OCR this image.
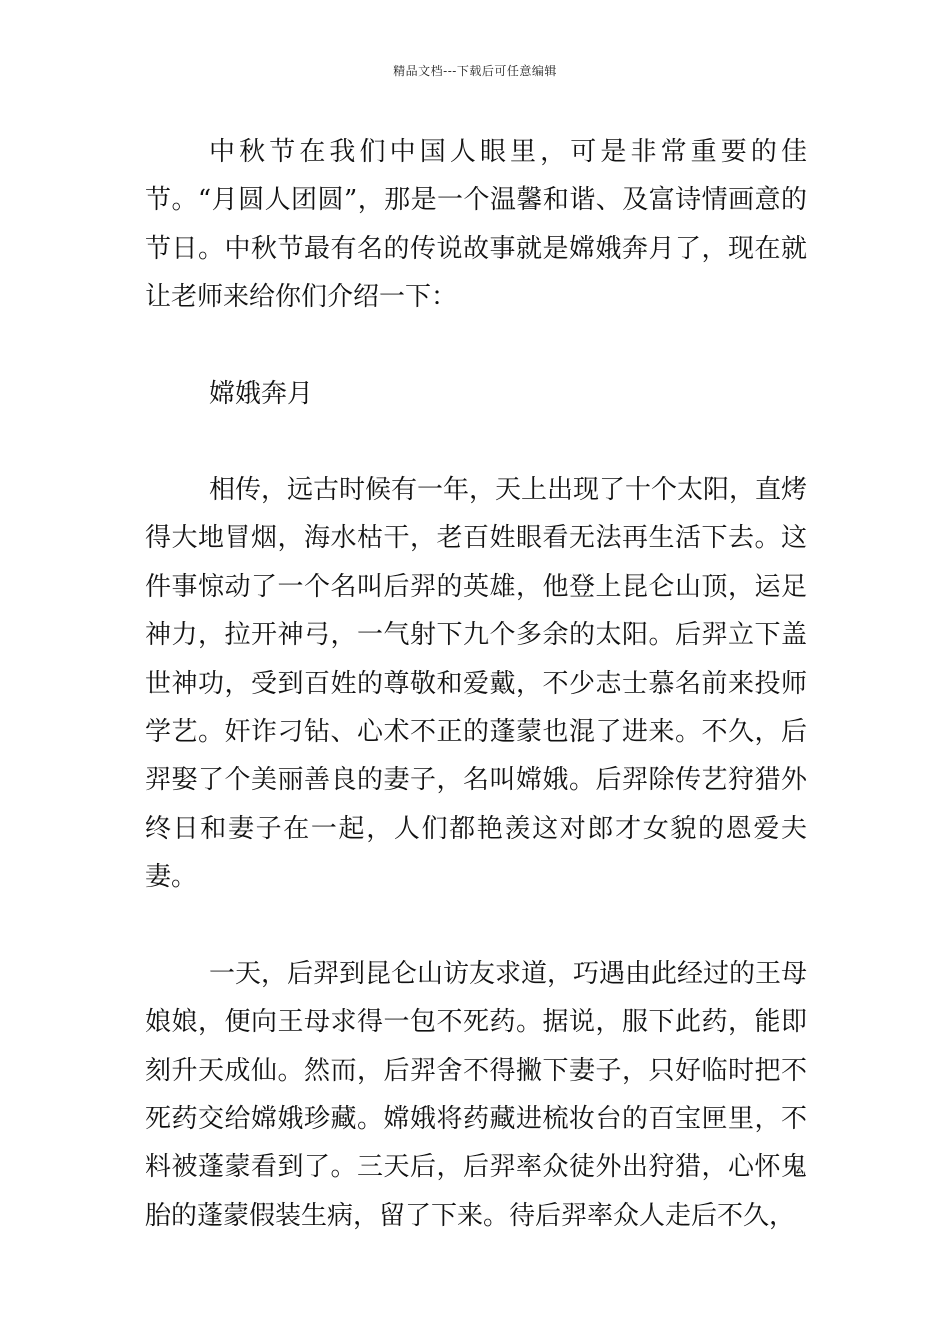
精品文档---下载后可任意编辑

中秋节在我们中国人眼里，可是非常重要的佳节。“月圆人团圆”，那是一个温馨和谐、及富诗情画意的节日。中秋节最有名的传说故事就是嫦娥奔月了，现在就让老师来给你们介绍一下：

嫦娥奔月

相传，远古时候有一年，天上出现了十个太阳，直烤得大地冒烟，海水枯干，老百姓眼看无法再生活下去。这件事惊动了一个名叫后羿的英雄，他登上昆仑山顶，运足神力，拉开神弓，一气射下九个多余的太阳。后羿立下盖世神功，受到百姓的尊敬和爱戴，不少志士慕名前来投师学艺。奸诈刁钻、心术不正的蓬蒙也混了进来。不久，后羿娶了个美丽善良的妻子，名叫嫦娥。后羿除传艺狩猎外终日和妻子在一起，人们都艳羡这对郎才女貌的恩爱夫妻。

一天，后羿到昆仑山访友求道，巧遇由此经过的王母娘娘，便向王母求得一包不死药。据说，服下此药，能即刻升天成仙。然而，后羿舍不得撇下妻子，只好临时把不死药交给嫦娥珍藏。嫦娥将药藏进梳妆台的百宝匣里，不料被蓬蒙看到了。三天后，后羿率众徒外出狩猎，心怀鬼胎的蓬蒙假装生病，留了下来。待后羿率众人走后不久，
